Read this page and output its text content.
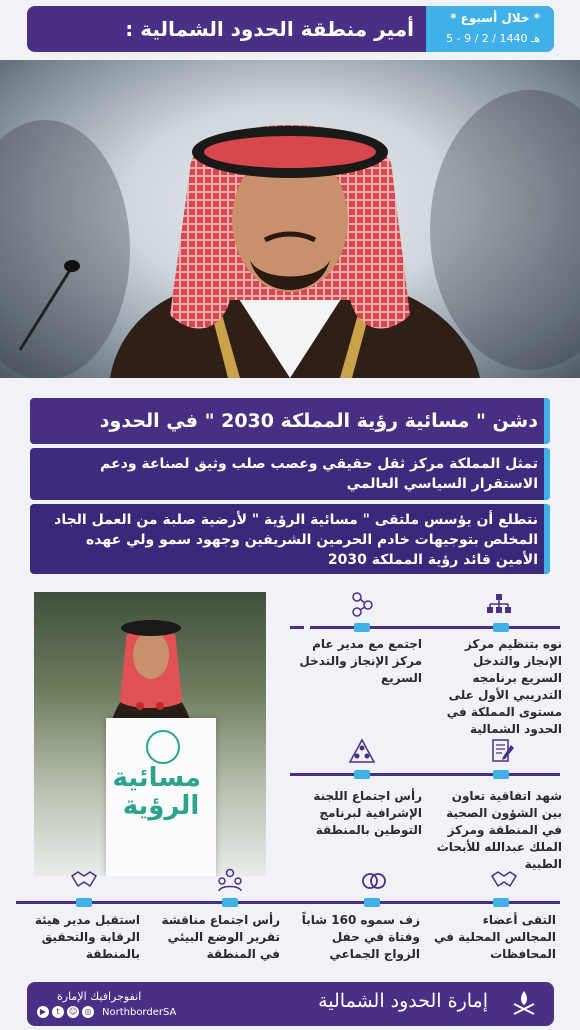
أمير منطقة الحدود الشمالية :	* خلال أسبوع *
5 - 9 / 2 / 1440 هـ
دشن " مسائية رؤية المملكة 2030 " في الحدود
تمثل المملكة مركز ثقل حقيقي وعصب صلب وثيق لصناعة ودعم الاستقرار السياسي العالمي
نتطلع أن يؤسس ملتقى " مسائية الرؤية " لأرضية صلبة من العمل الجاد المخلص بتوجيهات خادم الحرمين الشريفين وجهود سمو ولي عهده الأمين قائد رؤية المملكة 2030
مسائية الرؤية
نوه بتنظيم مركز الإنجاز والتدخل السريع برنامجه التدريبي الأول على مستوى المملكة في الحدود الشمالية
اجتمع مع مدير عام مركز الإنجاز والتدخل السريع
شهد اتفاقية تعاون بين الشؤون الصحية في المنطقة ومركز الملك عبدالله للأبحاث الطبية
رأس اجتماع اللجنة الإشرافية لبرنامج التوطين بالمنطقة
التقى أعضاء المجالس المحلية في المحافظات
زف سموه 160 شاباً وفتاة في حفل الزواج الجماعي
رأس اجتماع مناقشة تقرير الوضع البيئي في المنطقة
استقبل مدير هيئة الرقابة والتحقيق بالمنطقة
إمارة الحدود الشمالية
انفوجرافيك الإمارة
▶	t	☺ ◎ NorthborderSA
